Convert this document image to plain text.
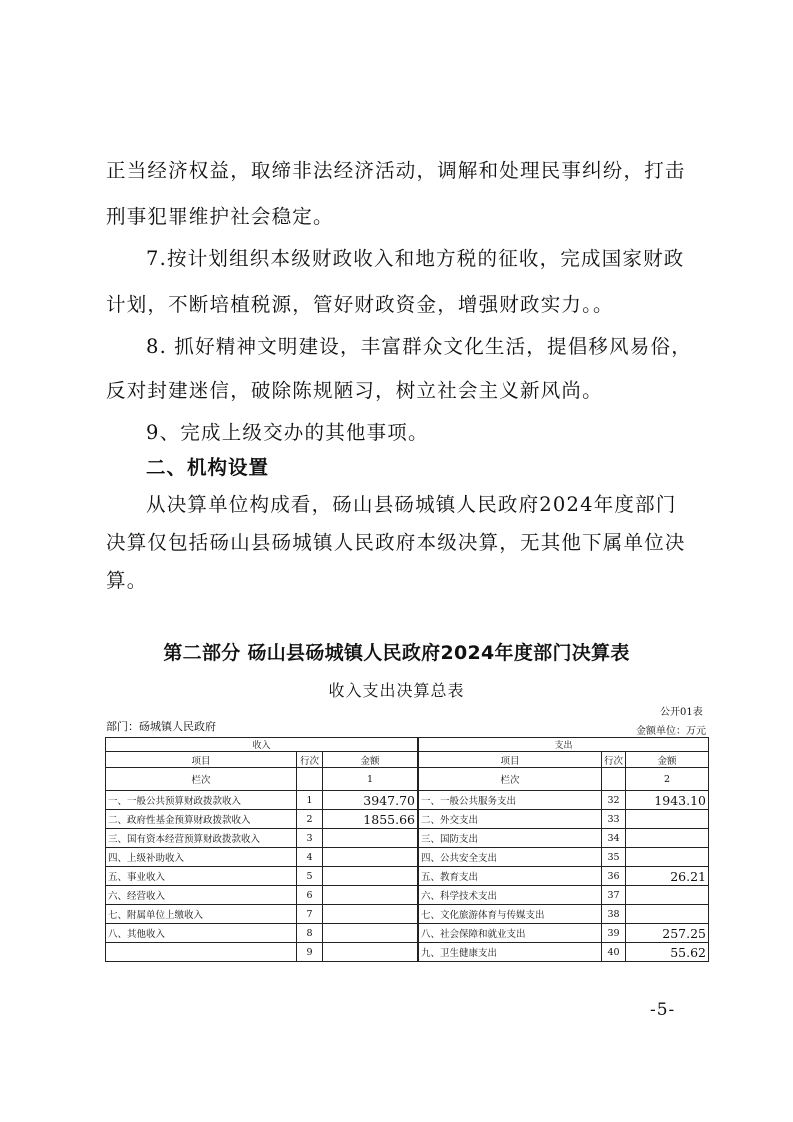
正当经济权益，取缔非法经济活动，调解和处理民事纠纷，打击
刑事犯罪维护社会稳定。
7.按计划组织本级财政收入和地方税的征收，完成国家财政
计划，不断培植税源，管好财政资金，增强财政实力。。
8. 抓好精神文明建设，丰富群众文化生活，提倡移风易俗，
反对封建迷信，破除陈规陋习，树立社会主义新风尚。
9、完成上级交办的其他事项。
二、机构设置
从决算单位构成看，砀山县砀城镇人民政府2024年度部门
决算仅包括砀山县砀城镇人民政府本级决算，无其他下属单位决
算。
第二部分 砀山县砀城镇人民政府2024年度部门决算表
收入支出决算总表
公开01表
部门：砀城镇人民政府	金额单位：万元
收入			支出		
项目	行次	金额		项目	行次	金额
栏次		1		栏次		2
一、一般公共预算财政拨款收入	1	3947.70		一、一般公共服务支出	32	1943.10
二、政府性基金预算财政拨款收入	2	1855.66		二、外交支出	33	
三、国有资本经营预算财政拨款收入	3			三、国防支出	34	
四、上级补助收入	4			四、公共安全支出	35	
五、事业收入	5			五、教育支出	36	26.21
六、经营收入	6			六、科学技术支出	37	
七、附属单位上缴收入	7			七、文化旅游体育与传媒支出	38	
八、其他收入	8			八、社会保障和就业支出	39	257.25
	9			九、卫生健康支出	40	55.62
-5-
